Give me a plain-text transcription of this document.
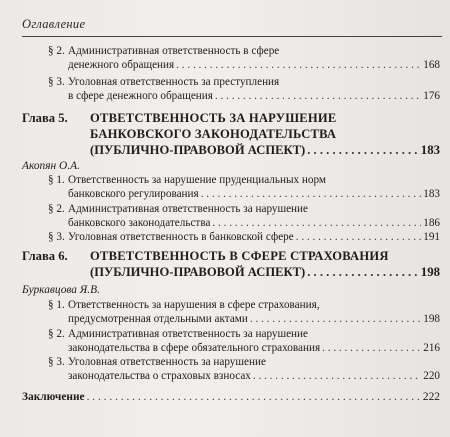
Оглавление
§ 2. Административная ответственность в сфере
денежного обращения . . .	168
§ 3. Уголовная ответственность за преступления
в сфере денежного обращения . . .	176
Глава 5. ОТВЕТСТВЕННОСТЬ ЗА НАРУШЕНИЕ
БАНКОВСКОГО ЗАКОНОДАТЕЛЬСТВА
(ПУБЛИЧНО-ПРАВОВОЙ АСПЕКТ) . . .	183
Акопян О.А.
§ 1. Ответственность за нарушение пруденциальных норм
банковского регулирования . . .	183
§ 2. Административная ответственность за нарушение
банковского законодательства . . .	186
§ 3. Уголовная ответственность в банковской сфере . . .	191
Глава 6. ОТВЕТСТВЕННОСТЬ В СФЕРЕ СТРАХОВАНИЯ
(ПУБЛИЧНО-ПРАВОВОЙ АСПЕКТ) . . .	198
Буркавцова Я.В.
§ 1. Ответственность за нарушения в сфере страхования,
предусмотренная отдельными актами . . .	198
§ 2. Административная ответственность за нарушение
законодательства в сфере обязательного страхования . . .	216
§ 3. Уголовная ответственность за нарушение
законодательства о страховых взносах . . .	220
Заключение . . .	222
